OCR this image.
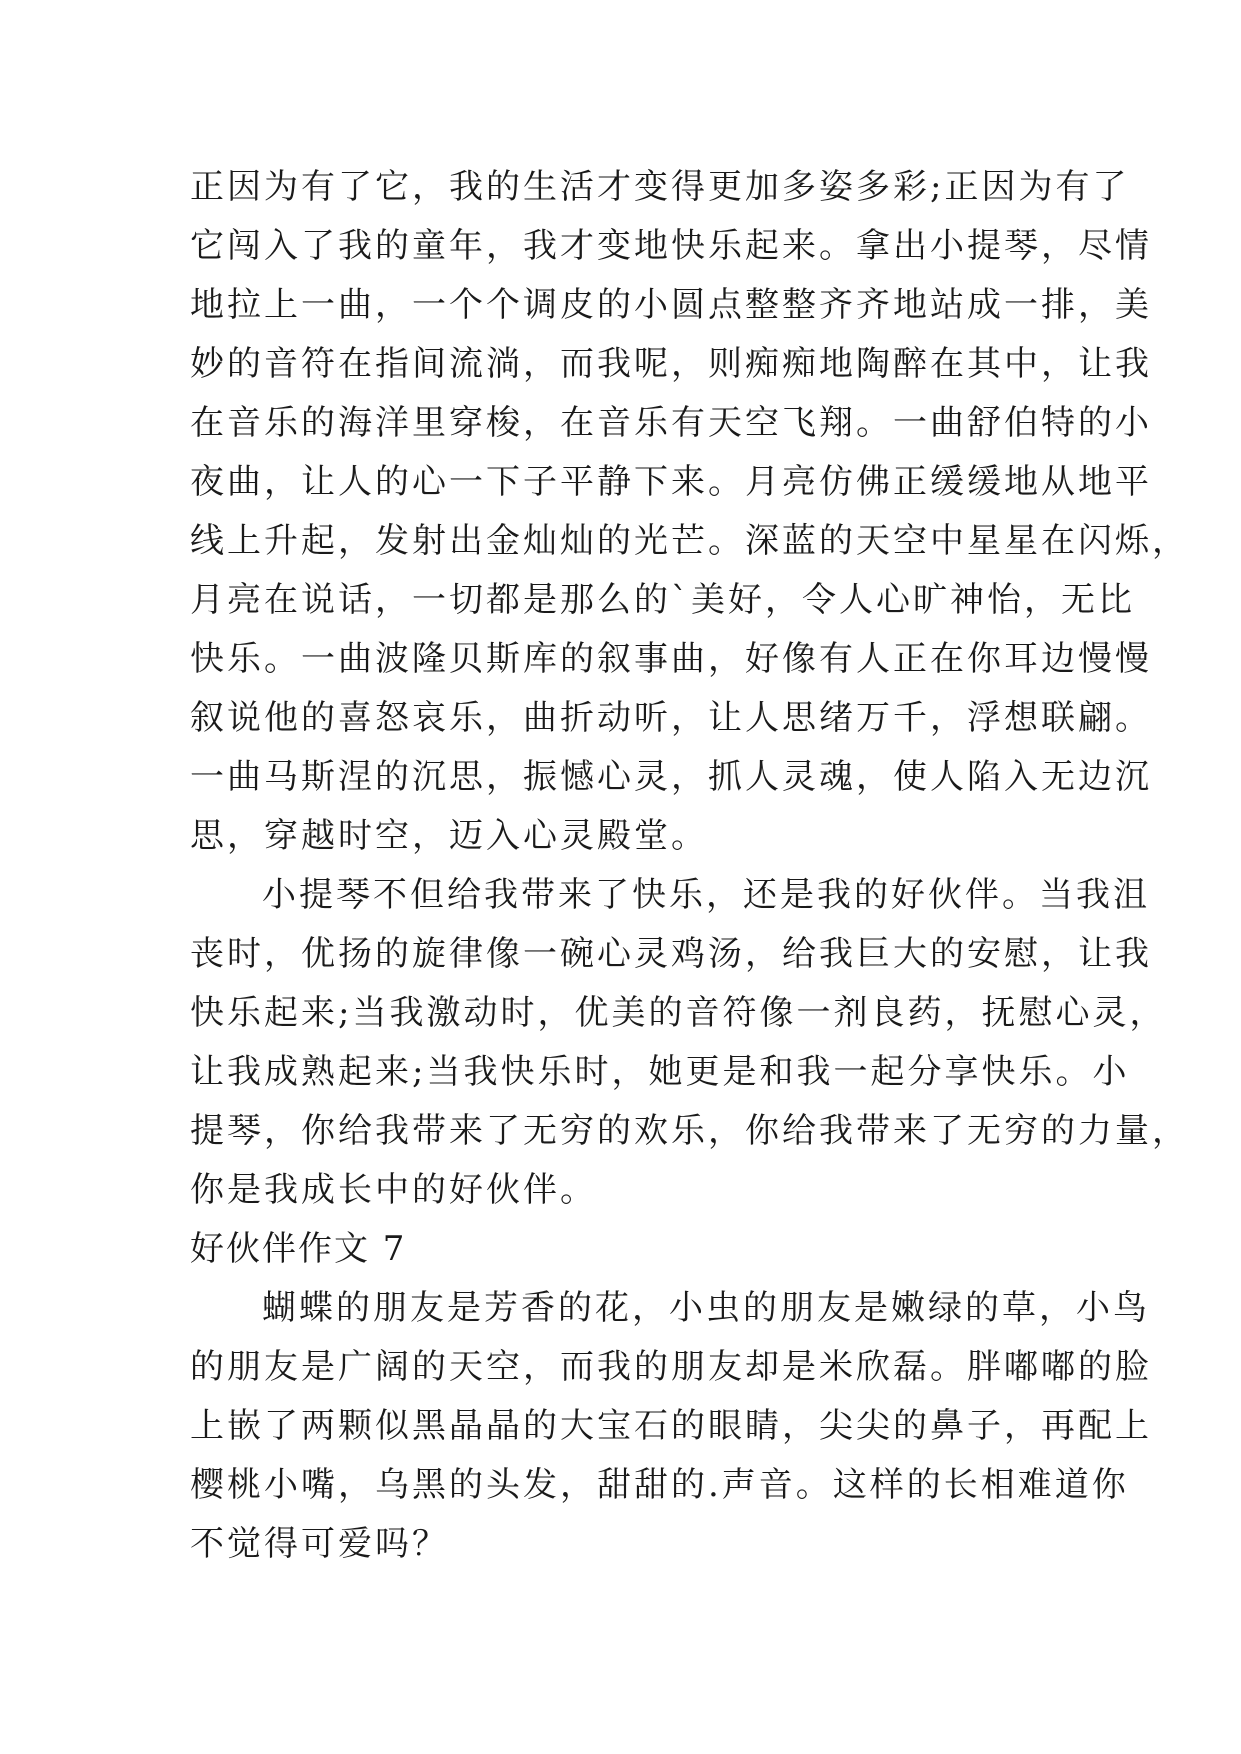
正因为有了它，我的生活才变得更加多姿多彩;正因为有了
它闯入了我的童年，我才变地快乐起来。拿出小提琴，尽情
地拉上一曲，一个个调皮的小圆点整整齐齐地站成一排，美
妙的音符在指间流淌，而我呢，则痴痴地陶醉在其中，让我
在音乐的海洋里穿梭，在音乐有天空飞翔。一曲舒伯特的小
夜曲，让人的心一下子平静下来。月亮仿佛正缓缓地从地平
线上升起，发射出金灿灿的光芒。深蓝的天空中星星在闪烁，
月亮在说话，一切都是那么的`美好，令人心旷神怡，无比
快乐。一曲波隆贝斯库的叙事曲，好像有人正在你耳边慢慢
叙说他的喜怒哀乐，曲折动听，让人思绪万千，浮想联翩。
一曲马斯涅的沉思，振憾心灵，抓人灵魂，使人陷入无边沉
思，穿越时空，迈入心灵殿堂。
小提琴不但给我带来了快乐，还是我的好伙伴。当我沮
丧时，优扬的旋律像一碗心灵鸡汤，给我巨大的安慰，让我
快乐起来;当我激动时，优美的音符像一剂良药，抚慰心灵，
让我成熟起来;当我快乐时，她更是和我一起分享快乐。小
提琴，你给我带来了无穷的欢乐，你给我带来了无穷的力量，
你是我成长中的好伙伴。
好伙伴作文 7
蝴蝶的朋友是芳香的花，小虫的朋友是嫩绿的草，小鸟
的朋友是广阔的天空，而我的朋友却是米欣磊。胖嘟嘟的脸
上嵌了两颗似黑晶晶的大宝石的眼睛，尖尖的鼻子，再配上
樱桃小嘴，乌黑的头发，甜甜的.声音。这样的长相难道你
不觉得可爱吗？
